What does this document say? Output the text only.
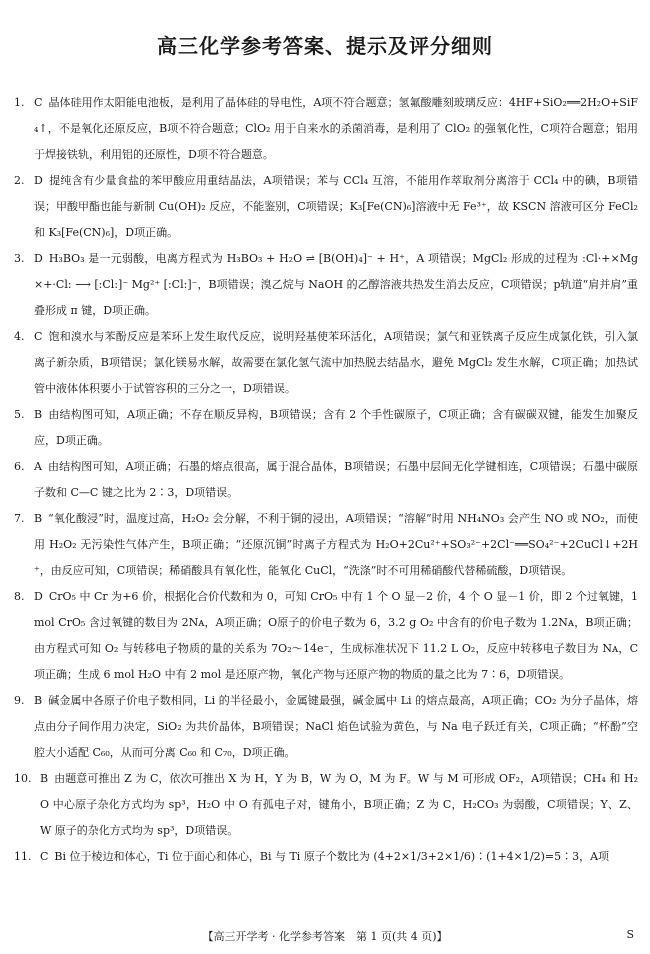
高三化学参考答案、提示及评分细则

1. C 晶体硅用作太阳能电池板，是利用了晶体硅的导电性，A项不符合题意；氢氟酸雕刻玻璃反应：4HF+SiO₂══2H₂O+SiF₄↑，不是氧化还原反应，B项不符合题意；ClO₂ 用于自来水的杀菌消毒，是利用了 ClO₂ 的强氧化性，C项符合题意；铝用于焊接铁轨，利用铝的还原性，D项不符合题意。

2. D 提纯含有少量食盐的苯甲酸应用重结晶法，A项错误；苯与 CCl₄ 互溶，不能用作萃取剂分离溶于 CCl₄ 中的碘，B项错误；甲酸甲酯也能与新制 Cu(OH)₂ 反应，不能鉴别，C项错误；K₃[Fe(CN)₆]溶液中无 Fe³⁺，故 KSCN 溶液可区分 FeCl₂ 和 K₃[Fe(CN)₆]，D项正确。

3. D H₃BO₃ 是一元弱酸，电离方程式为 H₃BO₃ + H₂O ⇌ [B(OH)₄]⁻ + H⁺，A 项错误；MgCl₂ 形成的过程为 :Cl·+×Mg×+·Cl: ⟶ [:Cl:]⁻ Mg²⁺ [:Cl:]⁻，B项错误；溴乙烷与 NaOH 的乙醇溶液共热发生消去反应，C项错误；p轨道“肩并肩”重叠形成 π 键，D项正确。

4. C 饱和溴水与苯酚反应是苯环上发生取代反应，说明羟基使苯环活化，A项错误；氯气和亚铁离子反应生成氯化铁，引入氯离子新杂质，B项错误；氯化镁易水解，故需要在氯化氢气流中加热脱去结晶水，避免 MgCl₂ 发生水解，C项正确；加热试管中液体体积要小于试管容积的三分之一，D项错误。

5. B 由结构图可知，A项正确；不存在顺反异构，B项错误；含有 2 个手性碳原子，C项正确；含有碳碳双键，能发生加聚反应，D项正确。

6. A 由结构图可知，A项正确；石墨的熔点很高，属于混合晶体，B项错误；石墨中层间无化学键相连，C项错误；石墨中碳原子数和 C—C 键之比为 2∶3，D项错误。

7. B “氧化酸浸”时，温度过高，H₂O₂ 会分解，不利于铜的浸出，A项错误；“溶解”时用 NH₄NO₃ 会产生 NO 或 NO₂，而使用 H₂O₂ 无污染性气体产生，B项正确；“还原沉铜”时离子方程式为 H₂O+2Cu²⁺+SO₃²⁻+2Cl⁻══SO₄²⁻+2CuCl↓+2H⁺，由反应可知，C项错误；稀硝酸具有氧化性，能氧化 CuCl，“洗涤”时不可用稀硝酸代替稀硫酸，D项错误。

8. D CrO₅ 中 Cr 为+6 价，根据化合价代数和为 0，可知 CrO₅ 中有 1 个 O 显－2 价，4 个 O 显－1 价，即 2 个过氧键，1 mol CrO₅ 含过氧键的数目为 2Nᴀ，A项正确；O原子的价电子数为 6，3.2 g O₂ 中含有的价电子数为 1.2Nᴀ，B项正确；由方程式可知 O₂ 与转移电子物质的量的关系为 7O₂～14e⁻，生成标准状况下 11.2 L O₂，反应中转移电子数目为 Nᴀ，C项正确；生成 6 mol H₂O 中有 2 mol 是还原产物，氧化产物与还原产物的物质的量之比为 7∶6，D项错误。

9. B 碱金属中各原子价电子数相同，Li 的半径最小，金属键最强，碱金属中 Li 的熔点最高，A项正确；CO₂ 为分子晶体，熔点由分子间作用力决定，SiO₂ 为共价晶体，B项错误；NaCl 焰色试验为黄色，与 Na 电子跃迁有关，C项正确；“杯酚”空腔大小适配 C₆₀，从而可分离 C₆₀ 和 C₇₀，D项正确。

10. B 由题意可推出 Z 为 C，依次可推出 X 为 H，Y 为 B，W 为 O，M 为 F。W 与 M 可形成 OF₂，A项错误；CH₄ 和 H₂O 中心原子杂化方式均为 sp³，H₂O 中 O 有孤电子对，键角小，B项正确；Z 为 C，H₂CO₃ 为弱酸，C项错误；Y、Z、W 原子的杂化方式均为 sp³，D项错误。

11. C Bi 位于棱边和体心，Ti 位于面心和体心，Bi 与 Ti 原子个数比为 (4+2×1/3+2×1/6)∶(1+4×1/2)=5∶3，A项

【高三开学考 · 化学参考答案　第 1 页(共 4 页)】	S
